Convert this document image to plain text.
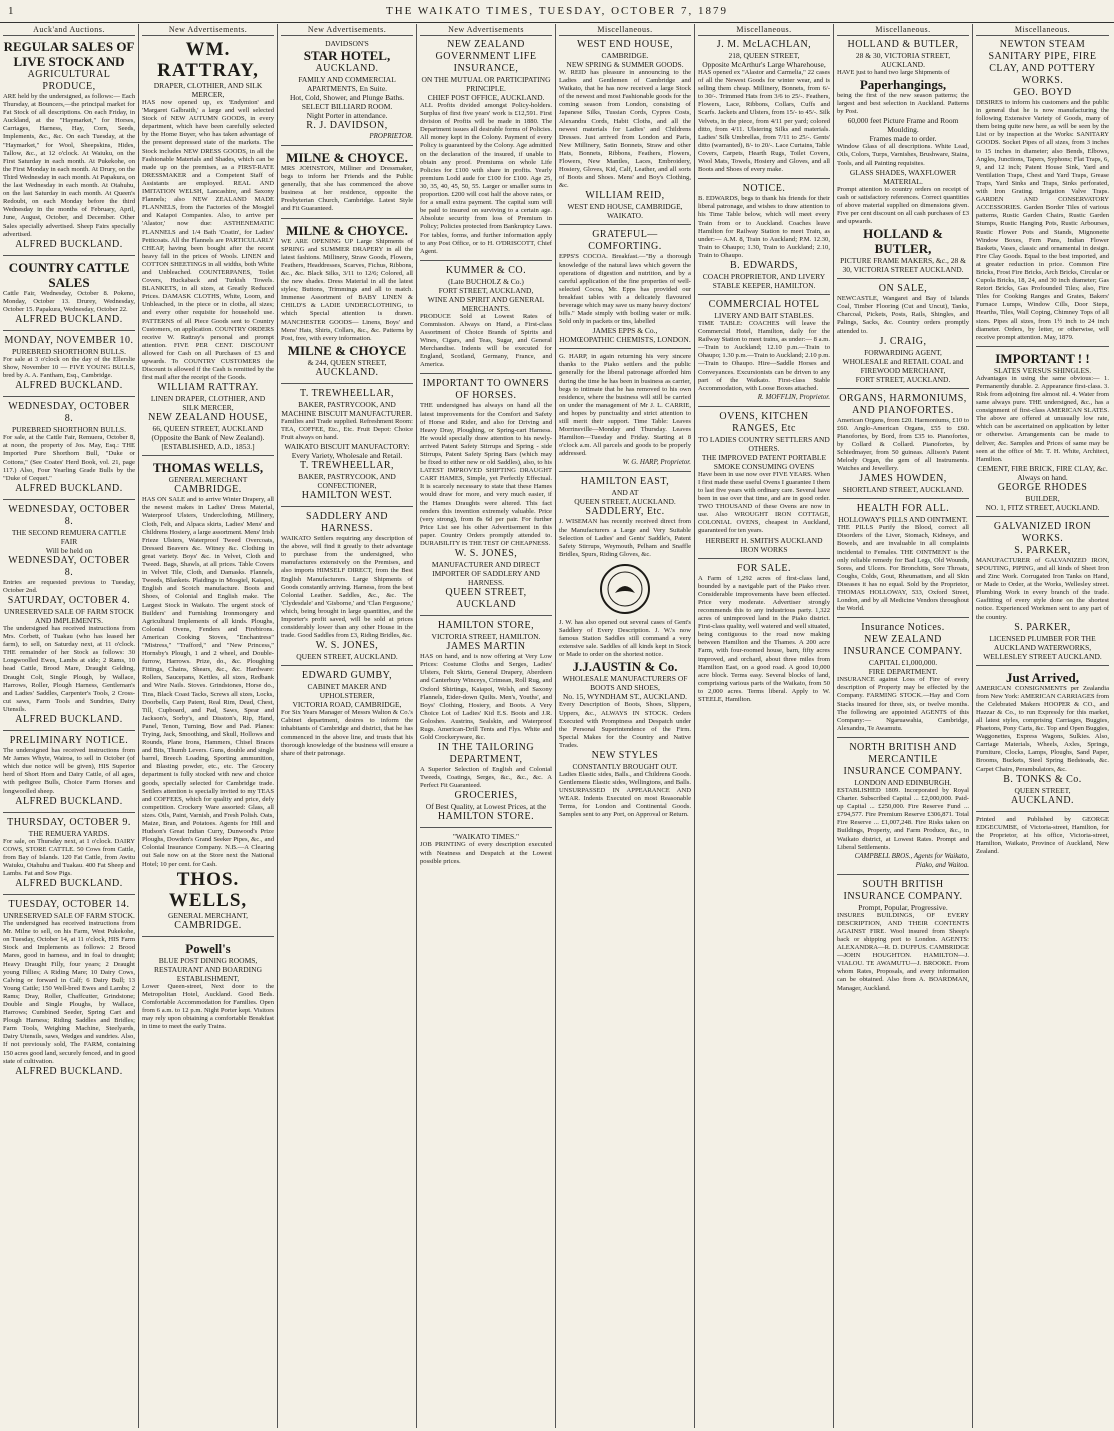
1	THE WAIKATO TIMES, TUESDAY, OCTOBER 7, 1879
Auck'and Auctions.
REGULAR SALES OF LIVE STOCK AND
AGRICULTURAL PRODUCE,
ARE held by the undersigned, as follows:— Each Thursday, at Bouncers,—the principal market for Fat Stock of all descriptions. On each Friday, in Auckland, at the "Haymarket," for Horses, Carriages, Harness, Hay, Corn, Seeds, Implements, &c., &c. On each Tuesday, at the "Haymarket," for Wool, Sheepskins, Hides, Tallow, &c., at 12 o'clock. At Waiuku, on the First Saturday in each month. At Pukekohe, on the First Monday in each month. At Drury, on the Third Wednesday in each month. At Papakura, on the last Wednesday in each month. At Otahuhu, on the last Saturday in each month. At Queen's Redoubt, on each Monday before the third Wednesday in the months of February, April, June, August, October, and December. Other Sales specially advertised. Sheep Fairs specially advertised.
ALFRED BUCKLAND.
COUNTRY CATTLE SALES
Cattle Fair, Wednesday, October 8. Pokeno, Monday, October 13. Drurey, Wednesday, October 15. Papakura, Wednesday, October 22.
ALFRED BUCKLAND.
MONDAY, NOVEMBER 10.
PUREBRED SHORTHORN BULLS.
For sale at 3 o'clock on the day of the Ellerslie Show, November 10 — FIVE YOUNG BULLS, bred by A. A. Fantham, Esq., Cambridge.
ALFRED BUCKLAND.
WEDNESDAY, OCTOBER 8.
PUREBRED SHORTHORN BULLS.
For sale, at the Cattle Fair, Remuera, October 8, at noon, the property of Jos. May, Esq.: THE Imported Pure Shorthorn Bull, "Duke or Cottons," (See Coates' Herd Book, vol. 21, page 117.) Also, Four Yearling Grade Bulls by the "Duke of Cequet."
ALFRED BUCKLAND.
WEDNESDAY, OCTOBER 8.
THE SECOND REMUERA CATTLE FAIR
Will be held on
WEDNESDAY, OCTOBER 8.
Entries are requested previous to Tuesday, October 2nd.
SATURDAY, OCTOBER 4.
UNRESERVED SALE OF FARM STOCK AND IMPLEMENTS.
The undersigned has received instructions from Mrs. Corbett, of Tuakau (who has leased her farm), to sell, on Saturday next, at 11 o'clock. THE remainder of her Stock as follows: 30 Longwoolled Ewes, Lambs at side; 2 Rams, 10 head Cattle, Brood Mare, Draught Gelding, Draught Colt, Single Plough, by Wallace, Harrows, Roller, Plough Harness, Gentleman's and Ladies' Saddles, Carpenter's Tools, 2 Cross-cut saws, Farm Tools and Sundries, Dairy Utensils.
ALFRED BUCKLAND.
PRELIMINARY NOTICE.
The undersigned has received instructions from Mr James Whyte, Wairoa, to sell in October (of which due notice will be given), HIS Superior herd of Short Horn and Dairy Cattle, of all ages, with pedigree Bulls, Choice Farm Horses and longwoolled sheep.
ALFRED BUCKLAND.
THURSDAY, OCTOBER 9.
THE REMUERA YARDS.
For sale, on Thursday next, at 1 o'clock. DAIRY COWS, STORE CATTLE. 50 Cows from Cattle, from Bay of Islands. 120 Fat Cattle, from Awitu Waiuku, Otahuhu and Tuakau. 400 Fat Sheep and Lambs. Fat and Sow Pigs.
ALFRED BUCKLAND.
TUESDAY, OCTOBER 14.
UNRESERVED SALE OF FARM STOCK.
The undersigned has received instructions from Mr. Milne to sell, on his Farm, West Pukekohe, on Tuesday, October 14, at 11 o'clock, HIS Farm Stock and Implements as follows: 2 Brood Mares, good in harness, and in foal to draught; Heavy Draught Filly, four years; 2 Draught young Fillies; A Riding Mare; 10 Dairy Cows, Calving or forward in Calf; 6 Dairy Bull; 13 Young Cattle; 150 Well-bred Ewes and Lambs; 2 Rams; Dray, Roller, Chaffcutter, Grindstone; Double and Single Ploughs, by Wallace, Harrows; Cumbined Seeder, Spring Cart and Plough Harness; Riding Saddles and Bridles; Farm Tools, Weighing Machine, Steelyards, Dairy Utensils, saws, Wedges and sundries. Also, If not previously sold, The FARM, containing 150 acres good land, securely fenced, and in good state of cultivation.
ALFRED BUCKLAND.
New Advertisements.
WM. RATTRAY,
DRAPER, CLOTHIER, AND SILK MERCER,
HAS now opened up, ex 'Endymion' and 'Margaret Galbraith,' a large and well selected Stock of NEW AUTUMN GOODS, in every department, which have been carefully selected by the Home Buyer, who has taken advantage of the present depressed state of the markets. The Stock includes NEW DRESS GOODS, in all the Fashionable Materials and Shades, which can be made up on the premises, as a FIRST-RATE DRESSMAKER and a Competent Staff of Assistants are employed. REAL AND IMITATION WELSH, Lancashire, and Saxony Flannels; also NEW ZEALAND MADE FLANNELS, from the Factories of the Mosgiel and Kaiapoi Companies. Also, to arrive per 'Alastor,' now due: ASTHENEMATIC FLANNELS and 1/4 Bath 'Coatin', for Ladies' Petticoats. All the Flannels are PARTICULARLY CHEAP, having been bought after the recent heavy fall in the prices of Wools. LINEN and COTTON SHEETINGS in all widths, both White and Unbleached. COUNTERPANES, Toilet Covers, Huckaback and Turkish Towels. BLANKETS, in all sizes, at Greatly Reduced Prices. DAMASK CLOTHS, White, Loom, and Unbleached, in the piece or in cloths, all sizes; and every other requisite for household use. PATTERNS of all Piece Goods sent to Country Customers, on application. COUNTRY ORDERS receive W. Rattray's personal and prompt attention. FIVE PER CENT. DISCOUNT allowed for Cash on all Purchases of £3 and upwards. To COUNTRY CUSTOMERS the Discount is allowed if the Cash is remitted by the first mail after the receipt of the Goods.
WILLIAM RATTRAY.
LINEN DRAPER, CLOTHIER, AND SILK MERCER,
NEW ZEALAND HOUSE,
66, QUEEN STREET, AUCKLAND (Opposite the Bank of New Zealand).
[ESTABLISHED, A.D., 1853.]
THOMAS WELLS,
GENERAL MERCHANT
CAMBRIDGE.
HAS ON SALE and to arrive Winter Drapery, all the newest makes in Ladies' Dress Material, Waterproof Ulsters, Underclothing, Millinery, Cloth, Felt, and Alpaca skirts, Ladies' Mens' and Childrens Hosiery, a large assortment. Mens' Irish Frieze Ulsters, Waterproof Tweed Overcoats, Dressed Beavers &c. Witney &c. Clothing in great variety. Boys' &c. in Velvet, Cloth and Tweed. Bags, Shawls, at all prices. Table Covers in Velvet Tile, Cloth, and Damasks. Flannels, Tweeds, Blankets. Plaidings in Mosgiel, Kaiapoi, English and Scotch manufacture. Boots and Shoes, of Colonial and English make. The Largest Stock in Waikato. The urgent stock of Builders' and Furnishing Ironmongery and Agricultural Implements of all kinds. Ploughs, Colonial Ovens, Fenders and Firebirons. American Cooking Stoves, "Enchantress" "Mistress," "Trafford," and "New Princess," Hornsby's Plough, 1 and 2 wheel, and Double-furrow, Harrows. Prize, do., &c. Ploughing Fittings, Chains, Shears, &c., &c. Hardware: Rollers, Saucepans, Kettles, all sizes, Redbank and Wire Nails. Stoves. Grindstones, Horse do., Tins, Black Coast Tacks, Screws all sizes, Locks, Doorbells, Carp Patent, Real Rim, Dead, Chest, Till, Cupboard, and Pad, Saws, Spear and Jackson's, Sorby's, and Disston's, Rip, Hand, Panel, Tenon, Turning, Bow and Pad. Planes: Trying, Jack, Smoothing, and Skull, Hollows and Rounds, Plane Irons, Hammers, Chisel Braces and Bits, Thumb Levers. Guns, double and single barrel, Breech Loading, Sporting ammunition, and Blasting powder, etc., etc. The Grocery department is fully stocked with new and choice goods, specially selected for Cambridge trade. Settlers attention is specially invited to my TEAS and COFFEES, which for quality and price, defy competition. Crockery Ware assorted: Glass, all sizes. Oils, Paint, Varnish, and Fresh Polish. Oats, Maize, Bran, and Potatoes. Agents for Hill and Hudson's Great Indian Curry, Dunwood's Prize Ploughs, Dowden's Grand Seeker Pipes, &c., and Colonial Insurance Company. N.B.—A Clearing out Sale now on at the Store next the National Hotel; 10 per cent. for Cash.
THOS. WELLS,
GENERAL MERCHANT,
CAMBRIDGE.
Powell's
BLUE POST DINING ROOMS, RESTAURANT AND BOARDING ESTABLISHMENT,
Lower Queen-street, Next door to the Metropolitan Hotel, Auckland. Good Beds. Comfortable Accommodation for Families. Open from 6 a.m. to 12 p.m. Night Porter kept. Visitors may rely upon obtaining a comfortable Breakfast in time to meet the early Trains.
New Advertisements.
DAVIDSON'S
STAR HOTEL,
AUCKLAND.
FAMILY AND COMMERCIAL APARTMENTS, En Suite.
Hot, Cold, Shower, and Plunge Baths.
SELECT BILLIARD ROOM.
Night Porter in attendance.
R. J. DAVIDSON,
PROPRIETOR.
MILNE & CHOYCE.
MRS JOHNSTON, Milliner and Dressmaker, begs to inform her Friends and the Public generally, that she has commenced the above business at her residence, opposite the Presbyterian Church, Cambridge. Latest Style and Fit Guaranteed.
MILNE & CHOYCE.
WE ARE OPENING UP Large Shipments of SPRING and SUMMER DRAPERY in all the latest fashions. Millinery, Straw Goods, Flowers, Feathers, Headdresses, Scarves, Fichus, Ribbons, &c., &c. Black Silks, 3/11 to 12/6; Colored, all the new shades. Dress Material in all the latest styles; Buttons, Trimmings and all to match. Immense Assortment of BABY LINEN & CHILD'S & LADIE UNDERCLOTHING, to which Special attention is drawn. MANCHESTER GOODS— Linens, Boys' and Mens' Hats, Shirts, Collars, &c., &c. Patterns by Post, free, with every information.
MILNE & CHOYCE
& 244, QUEEN STREET,
AUCKLAND.
T. TREWHEELLAR,
BAKER, PASTRYCOOK, AND MACHINE BISCUIT MANUFACTURER.
Families and Trade supplied. Refreshment Room: TEA, COFFEE, Etc., Etc. Fruit Depot: Choice Fruit always on hand.
WAIKATO BISCUIT MANUFACTORY: Every Variety, Wholesale and Retail.
T. TREWHEELLAR,
BAKER, PASTRYCOOK, AND CONFECTIONER,
HAMILTON WEST.
SADDLERY AND HARNESS.
WAIKATO Settlers requiring any description of the above, will find it greatly to their advantage to purchase from the undersigned, who manufactures extensively on the Premises, and also imports HIMSELF DIRECT, from the Best English Manufacturers. Large Shipments of Goods constantly arriving. Harness, from the best Colonial Leather. Saddles, &c., &c. The 'Clydesdale' and 'Gisborne,' and 'Clan Fergusone,' which, being brought in large quantities, and the Importer's profit saved, will be sold at prices considerably lower than any other House in the trade. Good Saddles from £3, Riding Bridles, &c.
W. S. JONES,
QUEEN STREET, AUCKLAND.
EDWARD GUMBY,
CABINET MAKER AND UPHOLSTERER,
VICTORIA ROAD, CAMBRIDGE,
For Six Years Manager of Messrs Walton & Co.'s Cabinet department, desires to inform the inhabitants of Cambridge and district, that he has commenced in the above line, and trusts that his thorough knowledge of the business will ensure a share of their patronage.
New Advertisements
NEW ZEALAND GOVERNMENT LIFE INSURANCE,
ON THE MUTUAL OR PARTICIPATING PRINCIPLE.
CHIEF POST OFFICE, AUCKLAND.
ALL Profits divided amongst Policy-holders. Surplus of first five years' work is £12,591. First division of Profits will be made in 1880. The Department issues all desirable forms of Policies. All money kept in the Colony. Payment of every Policy is guaranteed by the Colony. Age admitted on the declaration of the insured, if unable to obtain any proof. Premiums on whole Life Policies for £100 with share in profits. Yearly premium Lodd aude for £100 for £100. Age 25, 30, 35, 40, 45, 50, 55. Larger or smaller sums in proportion. £200 will cost half the above rates, or for a small extra payment. The capital sum will be paid to insured on surviving to a certain age. Absolute security from loss of Premium in Policy; Policies protected from Bankruptcy Laws. For tables, forms, and further information apply to any Post Office, or to H. O'DRISCOTT, Chief Agent.
KUMMER & CO.
(Late BUCHOLZ & Co.)
FORT STREET, AUCKLAND,
WINE AND SPIRIT AND GENERAL MERCHANTS.
PRODUCE Sold at Lowest Rates of Commission. Always on Hand, a First-class Assortment of Choice Brands of Spirits and Wines, Cigars, and Teas, Sugar, and General Merchandise. Indents will be executed for England, Scotland, Germany, France, and America.
IMPORTANT TO OWNERS OF HORSES.
THE undersigned has always on hand all the latest improvements for the Comfort and Safety of Horse and Rider, and also for Driving and Heavy Dray, Ploughing, or Spring-cart Harness. He would specially draw attention to his newly-arrived Patent Safety Stirrups and Spring - side Stirrups, Patent Safety Spring Bars (which may be fixed to either new or old Saddles), also, to his LATEST IMPROVED SHIFTING DRAUGHT CART HAMES, Simple, yet Perfectly Effectual. It is scarcely necessary to state that these Hames would draw for more, and very much easier, if the Hames Draughts were altered. This fact renders this invention extremely valuable. Price (very strong), from 8s 6d per pair. For further Price List see his other Advertisement in this paper. Country Orders promptly attended to. DURABILITY IS THE TEST OF CHEAPNESS.
W. S. JONES,
MANUFACTURER AND DIRECT IMPORTER OF SADDLERY AND HARNESS.
QUEEN STREET, AUCKLAND
HAMILTON STORE,
VICTORIA STREET, HAMILTON.
JAMES MARTIN
HAS on hand, and is now offering at Very Low Prices: Costume Cloths and Serges, Ladies' Ulsters, Felt Skirts, General Drapery, Aberdeen and Canterbury Winceys, Crimean, Roll Rug, and Oxford Shirtings, Kaiapoi, Welsh, and Saxony Flannels, Eider-down Quilts. Men's, Youths', and Boys' Clothing, Hosiery, and Boots. A Very Choice Lot of Ladies' Kid E.S. Boots and J.R. Goloshes. Austrins, Sealskin, and Waterproof Rugs. American-Drill Tents and Flys. White and Gold Crockeryware, &c.
IN THE TAILORING DEPARTMENT,
A Superior Selection of English and Colonial Tweeds, Coatings, Serges, &c., &c., &c. A Perfect Fit Guaranteed.
GROCERIES,
Of Best Quality, at Lowest Prices, at the
HAMILTON STORE.
"WAIKATO TIMES."
JOB PRINTING of every description executed with Neatness and Despatch at the Lowest possible prices.
Miscellaneous.
WEST END HOUSE,
CAMBRIDGE.
NEW SPRING & SUMMER GOODS.
W. REID has pleasure in announcing to the Ladies and Gentlemen of Cambridge and Waikato, that he has now received a large Stock of the newest and most Fashionable goods for the coming season from London, consisting of Japanese Silks, Tussian Cords, Cypres Costs, Alexandra Cords, Habit Cloths, and all the newest materials for Ladies' and Childrens Dresses. Just arrived from London and Paris, New Millinery, Satin Bonnets, Straw and other Hats, Bonnets, Ribbons, Feathers, Flowers, Flowers, New Mantles, Laces, Embroidery, Hosiery, Gloves, Kid, Calf, Leather, and all sorts of Boots and Shoes. Mens' and Boy's Clothing, &c.
WILLIAM REID,
WEST END HOUSE, CAMBRIDGE, WAIKATO.
GRATEFUL—COMFORTING.
EPPS'S COCOA. Breakfast.—"By a thorough knowledge of the natural laws which govern the operations of digestion and nutrition, and by a careful application of the fine properties of well-selected Cocoa, Mr. Epps has provided our breakfast tables with a delicately flavoured beverage which may save us many heavy doctors' bills." Made simply with boiling water or milk. Sold only in packets or tins, labelled
JAMES EPPS & Co.,
HOMŒOPATHIC CHEMISTS, LONDON.
G. HARP, in again returning his very sincere thanks to the Piako settlers and the public generally for the liberal patronage afforded him during the time he has been in business as carrier, begs to intimate that he has removed to his own residence, where the business will still be carried on under the management of Mr J. L. CARRIE, and hopes by punctuality and strict attention to still merit their support. Time Table: Leaves Morrinsville—Monday and Thursday. Leaves Hamilton—Tuesday and Friday. Starting at 8 o'clock a.m. All parcels and goods to be properly addressed.
W. G. HARP, Proprietor.
HAMILTON EAST,
AND AT
QUEEN STREET, AUCKLAND.
SADDLERY, Etc.
J. WISEMAN has recently received direct from the Manufacturers a Large and Very Suitable Selection of Ladies' and Gents' Saddle's, Patent Safety Stirrups, Weymouth, Pelham and Snaffle Bridles, Spurs, Riding Gloves, &c.
J. W. has also opened out several cases of Gent's Saddlery of Every Description. J. W.'s now famous Station Saddles still command a very extensive sale. Saddles of all kinds kept in Stock or Made to order on the shortest notice.
J.J.AUSTIN & Co.
WHOLESALE MANUFACTURERS OF BOOTS AND SHOES,
No. 15, WYNDHAM ST., AUCKLAND.
Every Description of Boots, Shoes, Slippers, Uppers, &c., ALWAYS IN STOCK. Orders Executed with Promptness and Despatch under the Personal Superintendence of the Firm. Special Makes for the Country and Native Trades.
NEW STYLES
CONSTANTLY BROUGHT OUT.
Ladies Elastic sides, Balls., and Childrens Goods. Gentlemens Elastic sides, Wellingtons, and Balls. UNSURPASSED IN APPEARANCE AND WEAR. Indents Executed on most Reasonable Terms, for London and Continental Goods. Samples sent to any Port, on Approval or Return.
Miscellaneous.
J. M. McLACHLAN,
218, QUEEN STREET,
Opposite McArthur's Large Wharehouse,
HAS opened ex "Alastor and Carmelia," 22 cases of all the Newest Goods for winter wear, and is selling them cheap. Millinery, Bonnets, from 6/- to 30/-. Trimmed Hats from 3/6 to 25/-. Feathers, Flowers, Lace, Ribbons, Collars, Cuffs and Scarfs. Jackets and Ulsters, from 15/- to 45/-. Silk Velvets, in the piece, from 4/11 per yard; colored ditto, from 4/11. Ulstering Silks and materials. Ladies' Silk Umbrellas, from 7/11 to 25/-. Gents' ditto (warranted), 8/- to 20/-. Lace Curtains, Table Covers, Carpets, Hearth Rugs, Toilet Covers, Wool Mats, Towels, Hosiery and Gloves, and all Boots and Shoes of every make.
NOTICE.
B. EDWARDS, begs to thank his friends for their liberal patronage, and wishes to draw attention to his Time Table below, which will meet every Train from or to Auckland. Coaches leave Hamilton for Railway Station to meet Train, as under:— A.M. 8, Train to Auckland; P.M. 12.30, Train to Ohaupo; 1.30, Train to Auckland; 2.10, Train to Ohaupo.
B. EDWARDS,
COACH PROPRIETOR, AND LIVERY STABLE KEEPER, HAMILTON.
COMMERCIAL HOTEL
LIVERY AND BAIT STABLES.
TIME TABLE: COACHES will leave the Commercial Hotel, Hamilton, daily for the Railway Station to meet trains, as under:— 8 a.m.—Train to Auckland; 12.10 p.m.—Train to Ohaupo; 1.30 p.m.—Train to Auckland; 2.10 p.m.—Train to Ohaupo. Hire—Saddle Horses and Conveyances. Excursionists can be driven to any part of the Waikato. First-class Stable Accommodation, with Loose Boxes attached.
R. MOFFLIN, Proprietor.
OVENS, KITCHEN RANGES, Etc
TO LADIES COUNTRY SETTLERS AND OTHERS.
THE IMPROVED PATENT PORTABLE SMOKE CONSUMING OVENS
Have been in use now over FIVE YEARS. When I first made these useful Ovens I guarantee I them to last five years with ordinary care. Several have been in use over that time, and are in good order. TWO THOUSAND of these Ovens are now in use. Also WROUGHT IRON COTTAGE, COLONIAL OVENS, cheapest in Auckland, guaranteed for ten years.
HERBERT H. SMITH'S AUCKLAND IRON WORKS
FOR SALE.
A Farm of 1,292 acres of first-class land, bounded by a navigable part of the Piako river. Considerable improvements have been effected. Price very moderate. Advertiser strongly recommends this to any industrious party. 1,322 acres of unimproved land in the Piako district. First-class quality, well watered and well situated, being contiguous to the road now making between Hamilton and the Thames. A 200 acre Farm, with four-roomed house, barn, fifty acres improved, and orchard, about three miles from Hamilton East, on a good road. A good 10,000 acre block. Terms easy. Several blocks of land, comprising various parts of the Waikato, from 50 to 2,000 acres. Terms liberal. Apply to W. STEELE, Hamilton.
Miscellaneous.
HOLLAND & BUTLER,
28 & 30, VICTORIA STREET, AUCKLAND.
HAVE just to hand two large Shipments of
Paperhangings,
being the first of the new season patterns; the largest and best selection in Auckland. Patterns by Post.
60,000 feet Picture Frame and Room Moulding.
Frames made to order.
Window Glass of all descriptions. White Lead, Oils, Colors, Turps, Varnishes, Brushware, Stains, Tools, and all Painting requisites.
GLASS SHADES, WAXFLOWER MATERIAL.
Prompt attention to country orders on receipt of cash or satisfactory references. Correct quantities of above material supplied on dimensions given. Five per cent discount on all cash purchases of £3 and upwards.
HOLLAND & BUTLER,
PICTURE FRAME MAKERS, &c., 28 & 30, VICTORIA STREET AUCKLAND.
ON SALE,
NEWCASTLE, Wangarei and Bay of Islands Coal, Timber Flooring (Cut and Uncut), Tanks, Charcoal, Pickets, Posts, Rails, Shingles, and Palings, Sacks, &c. Country orders promptly attended to.
J. CRAIG,
FORWARDING AGENT,
WHOLESALE and RETAIL COAL and FIREWOOD MERCHANT,
FORT STREET, AUCKLAND.
ORGANS, HARMONIUMS, AND PIANOFORTES.
American Organs, from £20. Harmoniums, £10 to £60. Anglo-American Organs, £55 to £60. Pianofortes, by Bord, from £35 to. Pianofortes, by Collard & Collard. Pianofortes, by Schiedmayer, from 50 guineas. Allison's Patent Melody Organ, the gem of all Instruments. Watches and Jewellery.
JAMES HOWDEN,
SHORTLAND STREET, AUCKLAND.
HEALTH FOR ALL.
HOLLOWAY'S PILLS AND OINTMENT.
THE PILLS Purify the Blood, correct all Disorders of the Liver, Stomach, Kidneys, and Bowels, and are invaluable in all complaints incidental to Females. THE OINTMENT is the only reliable remedy for Bad Legs, Old Wounds, Sores, and Ulcers. For Bronchitis, Sore Throats, Coughs, Colds, Gout, Rheumatism, and all Skin Diseases it has no equal. Sold by the Proprietor, THOMAS HOLLOWAY, 533, Oxford Street, London, and by all Medicine Vendors throughout the World.
Insurance Notices.
NEW ZEALAND INSURANCE COMPANY.
CAPITAL £1,000,000.
FIRE DEPARTMENT.
INSURANCE against Loss of Fire of every description of Property may be effected by the Company. FARMING STOCK.—Hay and Corn Stacks insured for three, six, or twelve months. The following are appointed AGENTS of this Company:— Ngaruawahia, Cambridge, Alexandra, Te Awamutu.
NORTH BRITISH AND MERCANTILE INSURANCE COMPANY.
LONDON AND EDINBURGH.
ESTABLISHED 1809. Incorporated by Royal Charter. Subscribed Capital ... £2,000,000. Paid-up Capital ... £250,000. Fire Reserve Fund ... £794,577. Fire Premium Reserve £306,871. Total Fire Reserve ... £1,007,248. Fire Risks taken on Buildings, Property, and Farm Produce, &c., in Waikato district, at Lowest Rates. Prompt and Liberal Settlements.
CAMPBELL BROS., Agents for Waikato, Piako, and Waitoa.
SOUTH BRITISH INSURANCE COMPANY.
Prompt, Popular, Progressive.
INSURES BUILDINGS, OF EVERY DESCRIPTION, AND THEIR CONTENTS AGAINST FIRE. Wool insured from Sheep's back or shipping port to London. AGENTS: ALEXANDRA—R. D. DUFFUS. CAMBRIDGE—JOHN HOUGHTON. HAMILTON—J. VIALOU. TE AWAMUTU—J. BROOKE. From whom Rates, Proposals, and every information can be obtained. Also from A. BOARDMAN, Manager, Auckland.
Miscellaneous.
NEWTON STEAM SANITARY PIPE, FIRE CLAY, AND POTTERY WORKS.
GEO. BOYD
DESIRES to inform his customers and the public in general that he is now manufacturing the following Extensive Variety of Goods, many of them being quite new here, as will be seen by the List or by inspection at the Works: SANITARY GOODS. Socket Pipes of all sizes, from 3 inches to 15 inches in diameter; also Bends, Elbows, Angles, Junctions, Tapers, Syphons; Flat Traps, 6, 9, and 12 inch; Patent House Sink, Yard and Ventilation Traps, Chest and Yard Traps, Grease Traps, Yard Sinks and Traps, Sinks perforated, with Iron Grating. Irrigation Valve Traps. GARDEN AND CONSERVATORY ACCESSORIES. Garden Border Tiles of various patterns, Rustic Garden Chairs, Rustic Garden Stumps, Rustic Hanging Pots, Rustic Arbourses, Rustic Flower Pots and Stands, Mignonette Window Boxes, Fern Pans, Indian Flower Baskets, Vases, classic and ornamental in design. Fire Clay Goods. Equal to the best imported, and at greater reduction in price. Common Fire Bricks, Frost Fire Bricks, Arch Bricks, Circular or Cupola Bricks, 18, 24, and 30 inch diameter; Gas Retort Bricks, Gas Profounded Tiles; also, Fire Tiles for Cooking Ranges and Grates, Bakers' Furnace Lumps, Window Cills, Door Steps, Hearths, Tiles, Wall Coping, Chimney Tops of all sizes. Pipes all sizes, from 1½ inch to 24 inch diameter. Orders, by letter, or otherwise, will receive prompt attention. May, 1879.
IMPORTANT ! !
SLATES VERSUS SHINGLES.
Advantages in using the same obvious:— 1. Permanently durable. 2. Appearance first-class. 3. Risk from adjoining fire almost nil. 4. Water from same always pure. THE undersigned, &c., has a consignment of first-class AMERICAN SLATES. The above are offered at unusually low rate, which can be ascertained on application by letter or otherwise. Arrangements can be made to deliver, &c. Samples and Prices of same may be seen at the office of Mr. T. H. White, Architect, Hamilton.
CEMENT, FIRE BRICK, FIRE CLAY, &c. Always on hand.
GEORGE RHODES
BUILDER,
NO. 1, FITZ STREET, AUCKLAND.
GALVANIZED IRON WORKS.
S. PARKER,
MANUFACTURER of GALVANIZED IRON, SPOUTING, PIPING, and all kinds of Sheet Iron and Zinc Work. Corrugated Iron Tanks on Hand, or Made to Order, at the Works, Wellesley street. Plumbing Work in every branch of the trade. Gasfitting of every style done on the shortest notice. Experienced Workmen sent to any part of the country.
S. PARKER,
LICENSED PLUMBER FOR THE AUCKLAND WATERWORKS,
WELLESLEY STREET AUCKLAND.
Just Arrived,
AMERICAN CONSIGNMENTS per Zealandia from New York: AMERICAN CARRIAGES from the Celebrated Makers HOOPER & CO., and Hazzar & Co., to run Expressly for this market, all latest styles, comprising Carriages, Buggies, Phaetons, Pony Carts, &c. Top and Open Buggies, Waggonettes, Express Wagons, Sulkies. Also, Carriage Materials, Wheels, Axles, Springs, Furniture, Clocks, Lamps, Ploughs, Sand Paper, Brooms, Buckets, Steel Spring Bedsteads, &c. Carpet Chairs, Perambulators, &c.
B. TONKS & Co.
QUEEN STREET,
AUCKLAND.
Printed and Published by GEORGE EDGECUMBE, of Victoria-street, Hamilton, for the Proprietor, at his office, Victoria-street, Hamilton, Waikato, Province of Auckland, New Zealand.
